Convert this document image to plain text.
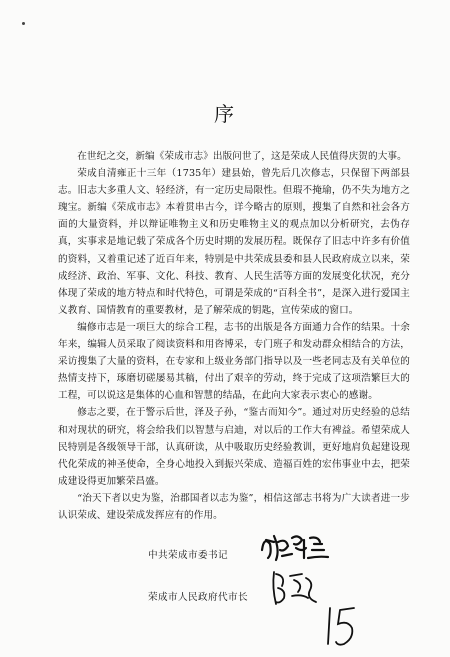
序

在世纪之交，新编《荣成市志》出版问世了，这是荣成人民值得庆贺的大事。

荣成自清雍正十三年（1735年）建县始，曾先后几次修志，只保留下两部县志。旧志大多重人文、轻经济，有一定历史局限性。但瑕不掩瑜，仍不失为地方之瑰宝。新编《荣成市志》本着贯串古今，详今略古的原则，搜集了自然和社会各方面的大量资料，并以辩证唯物主义和历史唯物主义的观点加以分析研究，去伪存真，实事求是地记载了荣成各个历史时期的发展历程。既保存了旧志中许多有价值的资料，又着重记述了近百年来，特别是中共荣成县委和县人民政府成立以来，荣成经济、政治、军事、文化、科技、教育、人民生活等方面的发展变化状况，充分体现了荣成的地方特点和时代特色，可谓是荣成的“百科全书”，是深入进行爱国主义教育、国情教育的重要教材，是了解荣成的钥匙，宣传荣成的窗口。

编修市志是一项巨大的综合工程，志书的出版是各方面通力合作的结果。十余年来，编辑人员采取了阅读资料和用咨博采，专门班子和发动群众相结合的方法，采访搜集了大量的资料，在专家和上级业务部门指导以及一些老同志及有关单位的热情支持下，琢磨切磋屡易其稿，付出了艰辛的劳动，终于完成了这项浩繁巨大的工程，可以说这是集体的心血和智慧的结晶，在此向大家表示衷心的感谢。

修志之要，在于警示后世，泽及子孙，“鉴古而知今”。通过对历史经验的总结和对现状的研究，将会给我们以智慧与启迪，对以后的工作大有裨益。希望荣成人民特别是各级领导干部，认真研读，从中吸取历史经验教训，更好地肩负起建设现代化荣成的神圣使命，全身心地投入到振兴荣成、造福百姓的宏伟事业中去，把荣成建设得更加繁荣昌盛。

“治天下者以史为鉴，治郡国者以志为鉴”，相信这部志书将为广大读者进一步认识荣成、建设荣成发挥应有的作用。

中共荣成市委书记
荣成市人民政府代市长
